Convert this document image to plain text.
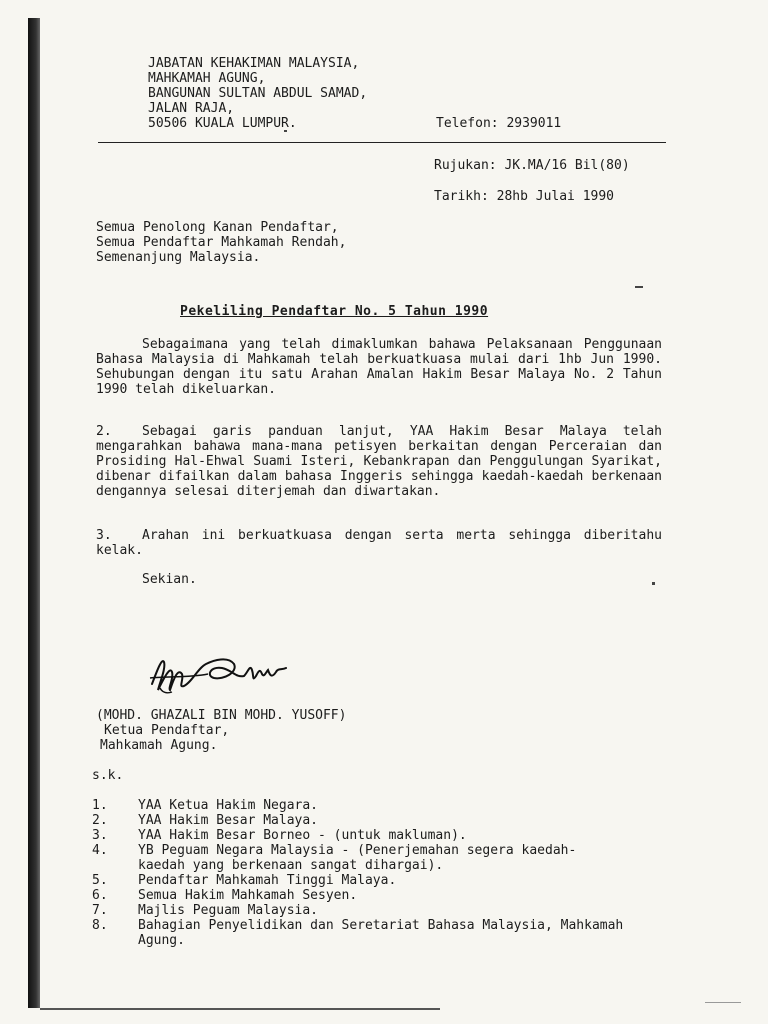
JABATAN KEHAKIMAN MALAYSIA,
MAHKAMAH AGUNG,
BANGUNAN SULTAN ABDUL SAMAD,
JALAN RAJA,
50506 KUALA LUMPUR.	Telefon: 2939011
Rujukan: JK.MA/16 Bil(80)
Tarikh: 28hb Julai 1990
Semua Penolong Kanan Pendaftar,
Semua Pendaftar Mahkamah Rendah,
Semenanjung Malaysia.
Pekeliling Pendaftar No. 5 Tahun 1990
Sebagaimana yang telah dimaklumkan bahawa Pelaksanaan Penggunaan Bahasa Malaysia di Mahkamah telah berkuatkuasa mulai dari 1hb Jun 1990. Sehubungan dengan itu satu Arahan Amalan Hakim Besar Malaya No. 2 Tahun 1990 telah dikeluarkan.
2.	Sebagai garis panduan lanjut, YAA Hakim Besar Malaya telah mengarahkan bahawa mana-mana petisyen berkaitan dengan Perceraian dan Prosiding Hal-Ehwal Suami Isteri, Kebankrapan dan Penggulungan Syarikat, dibenar difailkan dalam bahasa Inggeris sehingga kaedah-kaedah berkenaan dengannya selesai diterjemah dan diwartakan.
3.	Arahan ini berkuatkuasa dengan serta merta sehingga diberitahu kelak.
Sekian.
(MOHD. GHAZALI BIN MOHD. YUSOFF)
Ketua Pendaftar,
Mahkamah Agung.
s.k.
1.	YAA Ketua Hakim Negara.
2.	YAA Hakim Besar Malaya.
3.	YAA Hakim Besar Borneo - (untuk makluman).
4.	YB Peguam Negara Malaysia - (Penerjemahan segera kaedah-kaedah yang berkenaan sangat dihargai).
5.	Pendaftar Mahkamah Tinggi Malaya.
6.	Semua Hakim Mahkamah Sesyen.
7.	Majlis Peguam Malaysia.
8.	Bahagian Penyelidikan dan Seretariat Bahasa Malaysia, Mahkamah Agung.
